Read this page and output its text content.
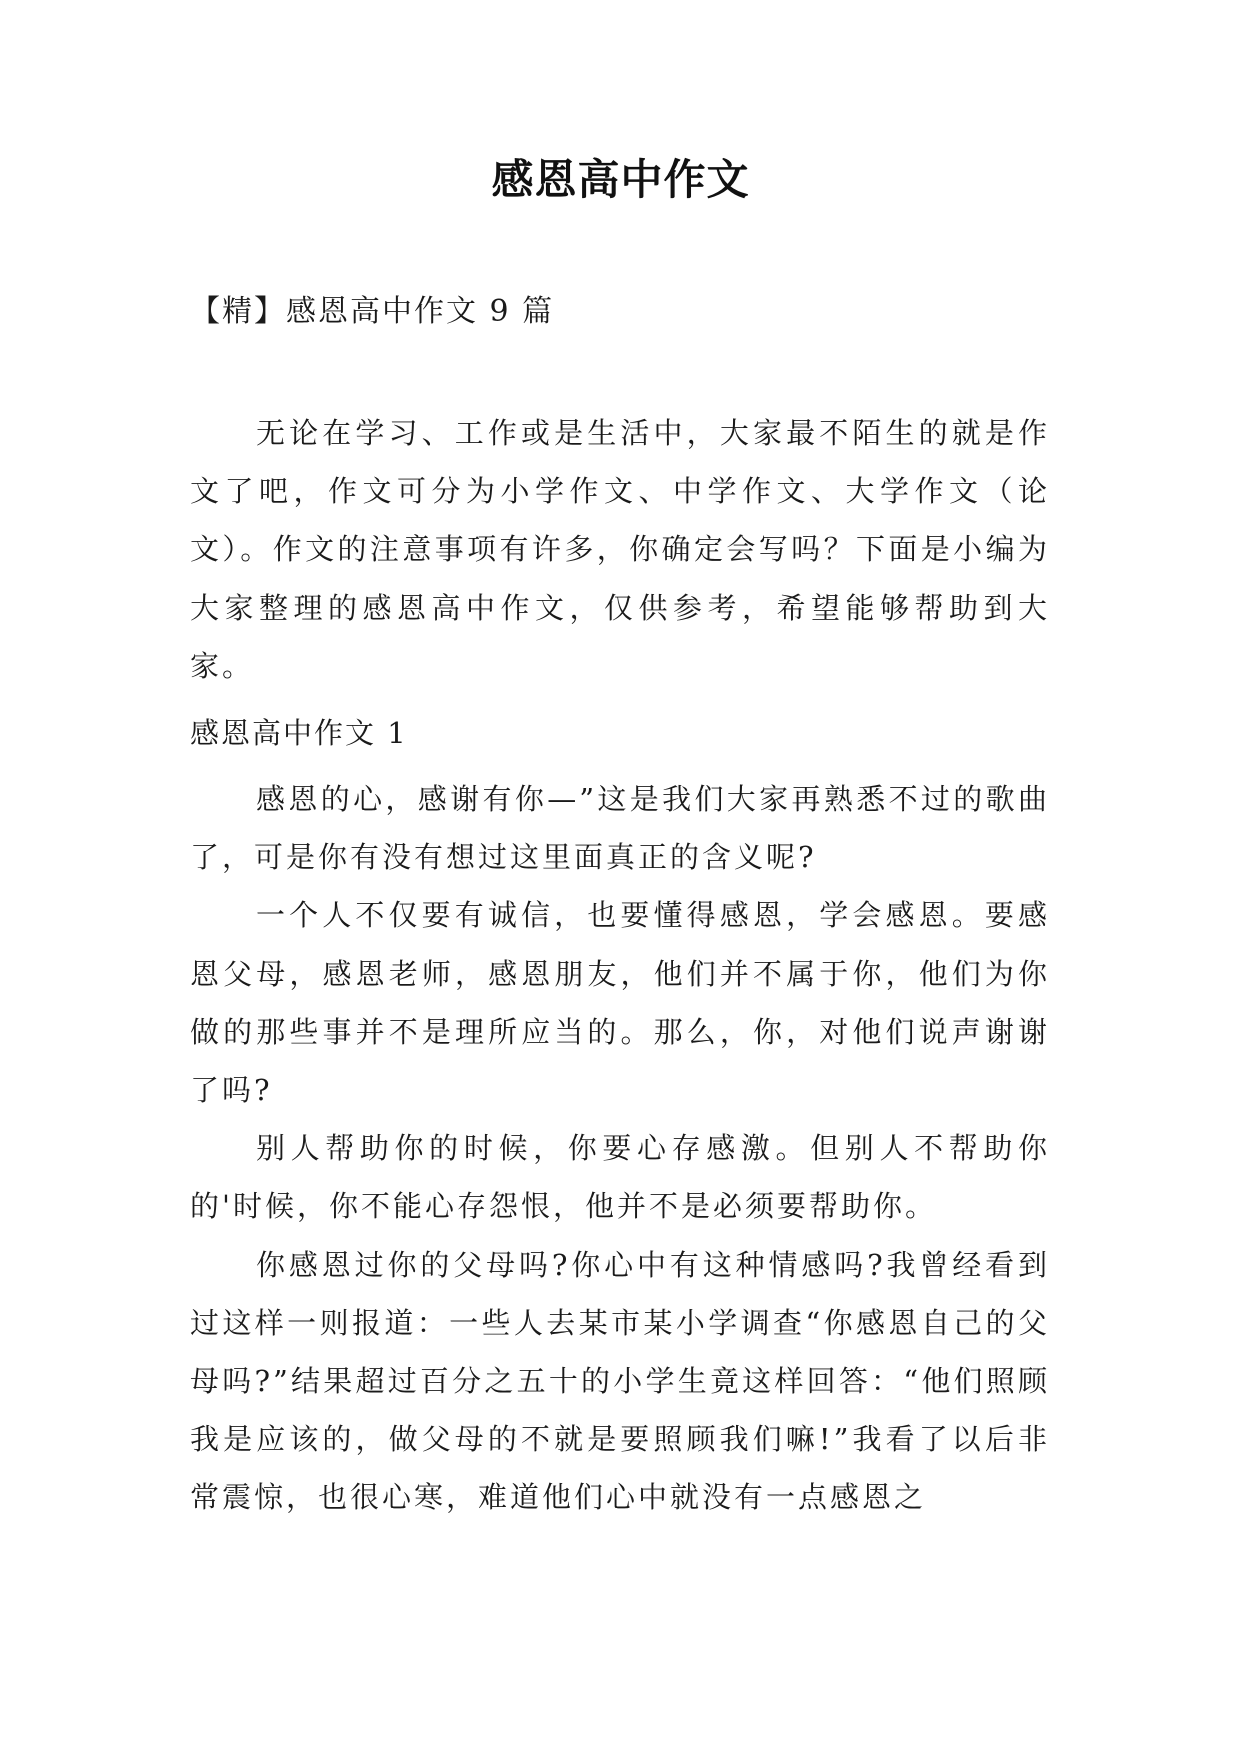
感恩高中作文
【精】感恩高中作文 9 篇

无论在学习、工作或是生活中，大家最不陌生的就是作文了吧，作文可分为小学作文、中学作文、大学作文（论文）。作文的注意事项有许多，你确定会写吗？下面是小编为大家整理的感恩高中作文，仅供参考，希望能够帮助到大家。

感恩高中作文 1

感恩的心，感谢有你—”这是我们大家再熟悉不过的歌曲了，可是你有没有想过这里面真正的含义呢?

一个人不仅要有诚信，也要懂得感恩，学会感恩。要感恩父母，感恩老师，感恩朋友，他们并不属于你，他们为你做的那些事并不是理所应当的。那么，你，对他们说声谢谢了吗?

别人帮助你的时候，你要心存感激。但别人不帮助你的'时候，你不能心存怨恨，他并不是必须要帮助你。

你感恩过你的父母吗?你心中有这种情感吗?我曾经看到过这样一则报道：一些人去某市某小学调查“你感恩自己的父母吗?”结果超过百分之五十的小学生竟这样回答：“他们照顾我是应该的，做父母的不就是要照顾我们嘛!”我看了以后非常震惊，也很心寒，难道他们心中就没有一点感恩之
